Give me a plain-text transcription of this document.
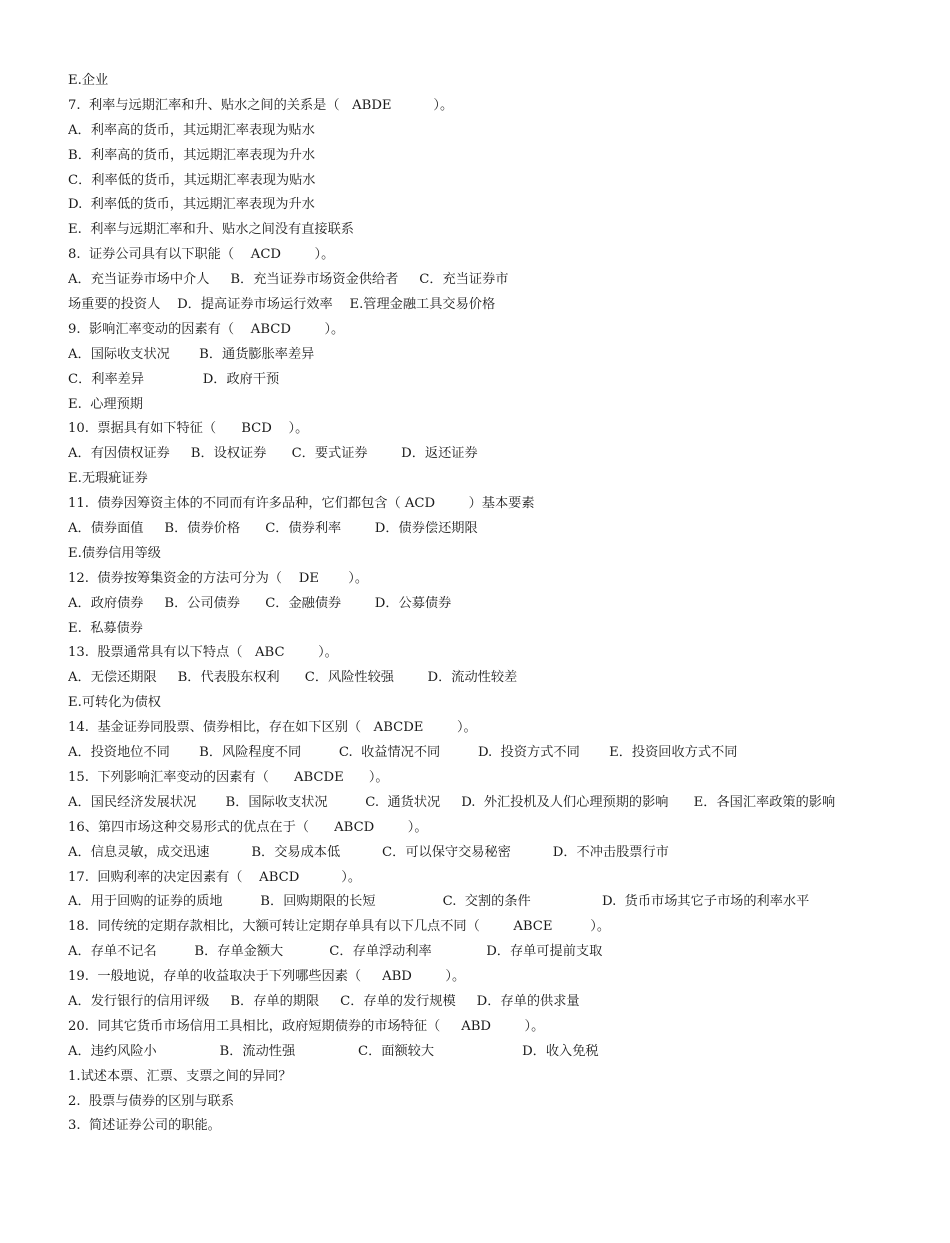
E.企业
7.  利率与远期汇率和升、贴水之间的关系是（   ABDE          ）。
A．利率高的货币，其远期汇率表现为贴水
B．利率高的货币，其远期汇率表现为升水
C．利率低的货币，其远期汇率表现为贴水
D.  利率低的货币，其远期汇率表现为升水
E.  利率与远期汇率和升、贴水之间没有直接联系
8.  证券公司具有以下职能（    ACD        ）。
A．充当证券市场中介人     B．充当证券市场资金供给者     C．充当证券市
场重要的投资人    D．提高证券市场运行效率    E.管理金融工具交易价格
9.  影响汇率变动的因素有（    ABCD        ）。
A．国际收支状况       B．通货膨胀率差异
C．利率差异              D．政府干预
E.  心理预期
10.  票据具有如下特征（      BCD    ）。
A．有因债权证券     B．设权证券      C．要式证券        D．返还证券
E.无瑕疵证券
11.  债券因筹资主体的不同而有许多品种，它们都包含（ ACD        ）基本要素
A．债券面值     B．债券价格      C．债券利率        D．债券偿还期限
E.债券信用等级
12.  债券按筹集资金的方法可分为（    DE       ）。
A．政府债券     B．公司债券      C．金融债券        D．公募债券
E.  私募债券
13.  股票通常具有以下特点（   ABC        ）。
A．无偿还期限     B．代表股东权利      C．风险性较强        D．流动性较差
E.可转化为债权
14.  基金证券同股票、债券相比，存在如下区别（   ABCDE        ）。
A．投资地位不同       B．风险程度不同         C.  收益情况不同         D.  投资方式不同       E．投资回收方式不同
15.  下列影响汇率变动的因素有（      ABCDE      ）。
A．国民经济发展状况       B．国际收支状况         C.  通货状况     D.  外汇投机及人们心理预期的影响      E．各国汇率政策的影响
16、第四市场这种交易形式的优点在于（      ABCD        ）。
A．信息灵敏，成交迅速          B．交易成本低          C．可以保守交易秘密          D．不冲击股票行市
17.  回购利率的决定因素有（    ABCD          ）。
A．用于回购的证券的质地         B．回购期限的长短                C.  交割的条件                 D.  货币市场其它子市场的利率水平
18.  同传统的定期存款相比，大额可转让定期存单具有以下几点不同（        ABCE         ）。
A．存单不记名         B．存单金额大           C．存单浮动利率             D．存单可提前支取
19.  一般地说，存单的收益取决于下列哪些因素（     ABD        ）。
A．发行银行的信用评级     B．存单的期限     C．存单的发行规模     D．存单的供求量
20.  同其它货币市场信用工具相比，政府短期债券的市场特征（     ABD        ）。
A．违约风险小               B．流动性强               C．面额较大                     D．收入免税
1.试述本票、汇票、支票之间的异同？
2.  股票与债券的区别与联系
3.  简述证券公司的职能。
